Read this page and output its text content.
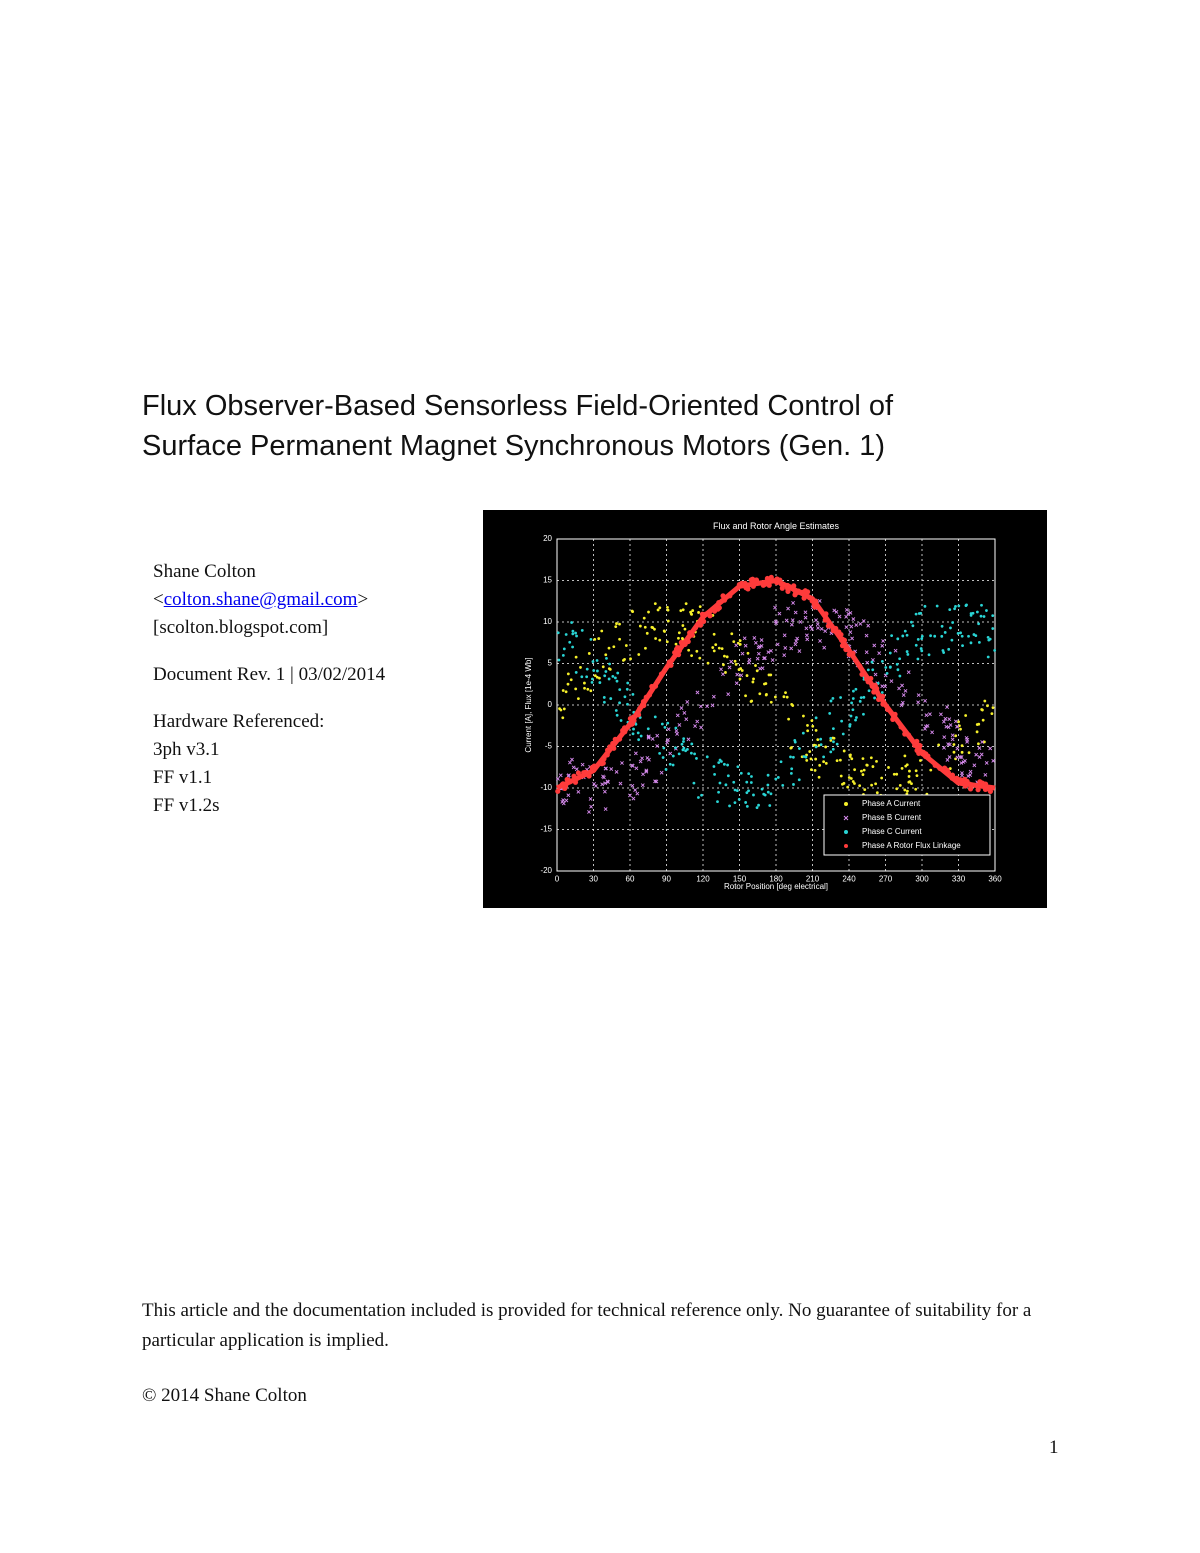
Flux Observer-Based Sensorless Field-Oriented Control of
Surface Permanent Magnet Synchronous Motors (Gen. 1)
Shane Colton
<colton.shane@gmail.com>
[scolton.blogspot.com]
Document Rev. 1 | 03/02/2014
Hardware Referenced:
3ph v3.1
FF v1.1
FF v1.2s
0	30	60	90	120	150	180	210	240	270	300	330	360
20
15
10
5
0
-5
-10
-15
-20
Flux and Rotor Angle Estimates
Rotor Position [deg electrical]
Current [A], Flux [1e-4 Wb]
Phase A Current
Phase B Current
Phase C Current
Phase A Rotor Flux Linkage
This article and the documentation included is provided for technical reference only. No guarantee of suitability for a particular application is implied.
© 2014 Shane Colton
1
